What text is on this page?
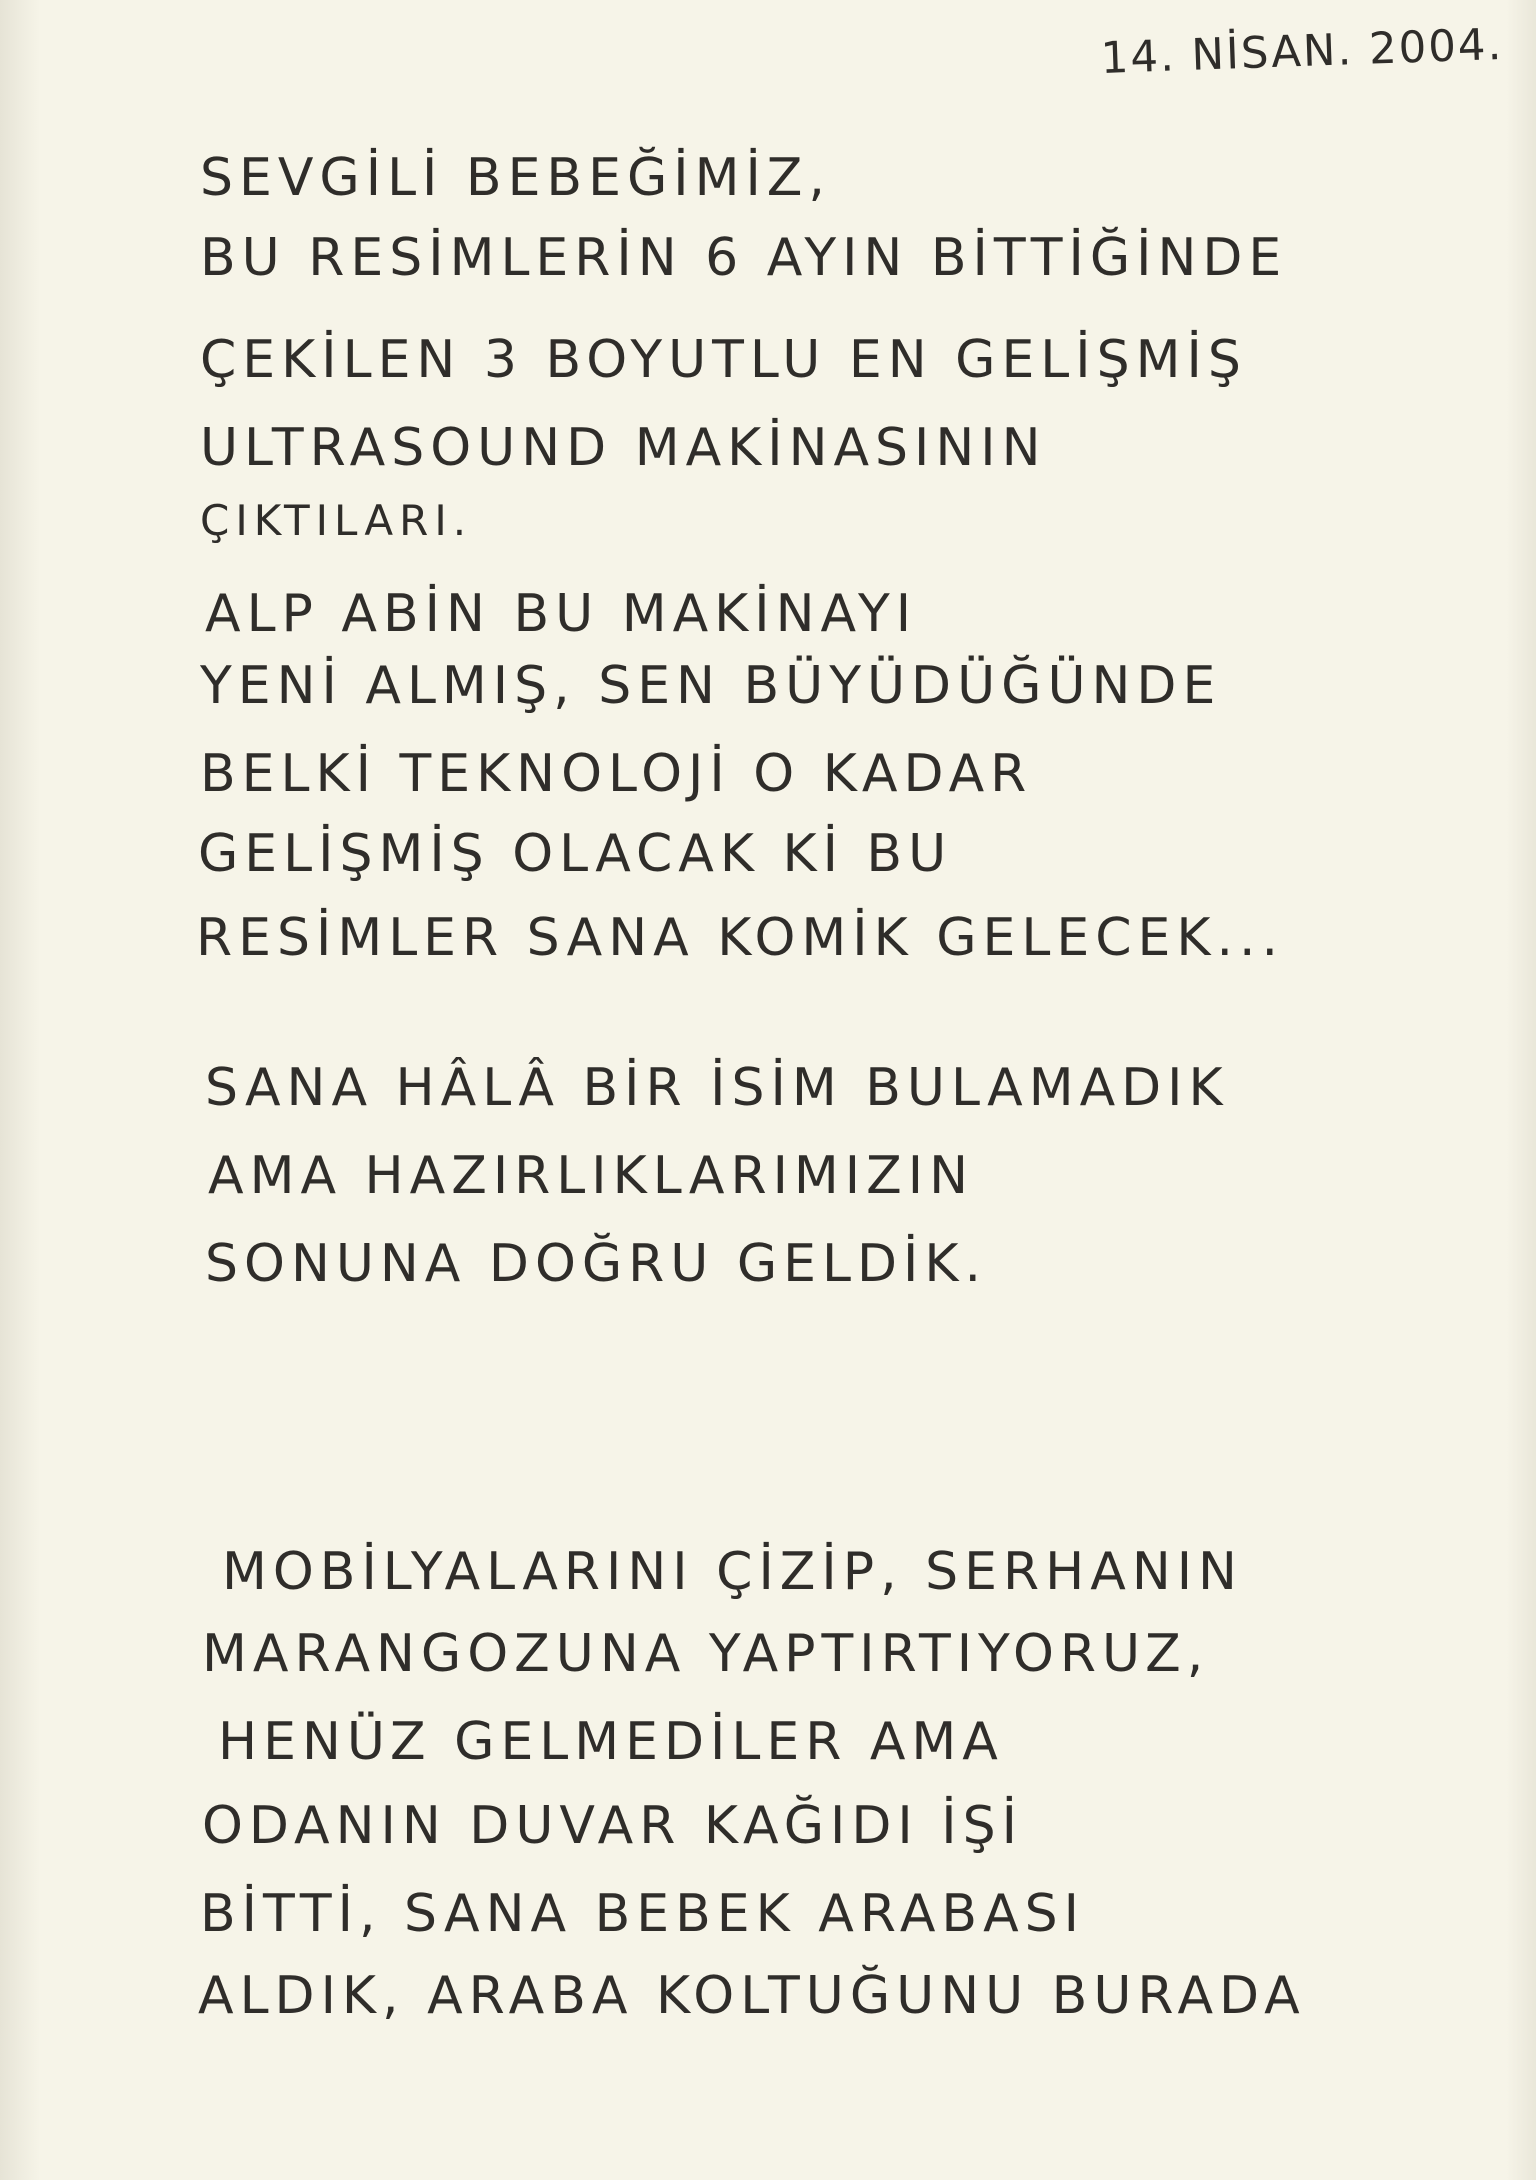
14. NİSAN. 2004.
SEVGİLİ BEBEĞİMİZ,
BU RESİMLERİN 6 AYIN BİTTİĞİNDE
ÇEKİLEN 3 BOYUTLU EN GELİŞMİŞ
ULTRASOUND MAKİNASININ
ÇIKTILARI.
ALP ABİN BU MAKİNAYI
YENİ ALMIŞ, SEN BÜYÜDÜĞÜNDE
BELKİ TEKNOLOJİ O KADAR
GELİŞMİŞ OLACAK Kİ BU
RESİMLER SANA KOMİK GELECEK...
SANA HÂLÂ BİR İSİM BULAMADIK
AMA HAZIRLIKLARIMIZIN
SONUNA DOĞRU GELDİK.
MOBİLYALARINI ÇİZİP, SERHANIN
MARANGOZUNA YAPTIRTIYORUZ,
HENÜZ GELMEDİLER AMA
ODANIN DUVAR KAĞIDI İŞİ
BİTTİ, SANA BEBEK ARABASI
ALDIK, ARABA KOLTUĞUNU BURADA
